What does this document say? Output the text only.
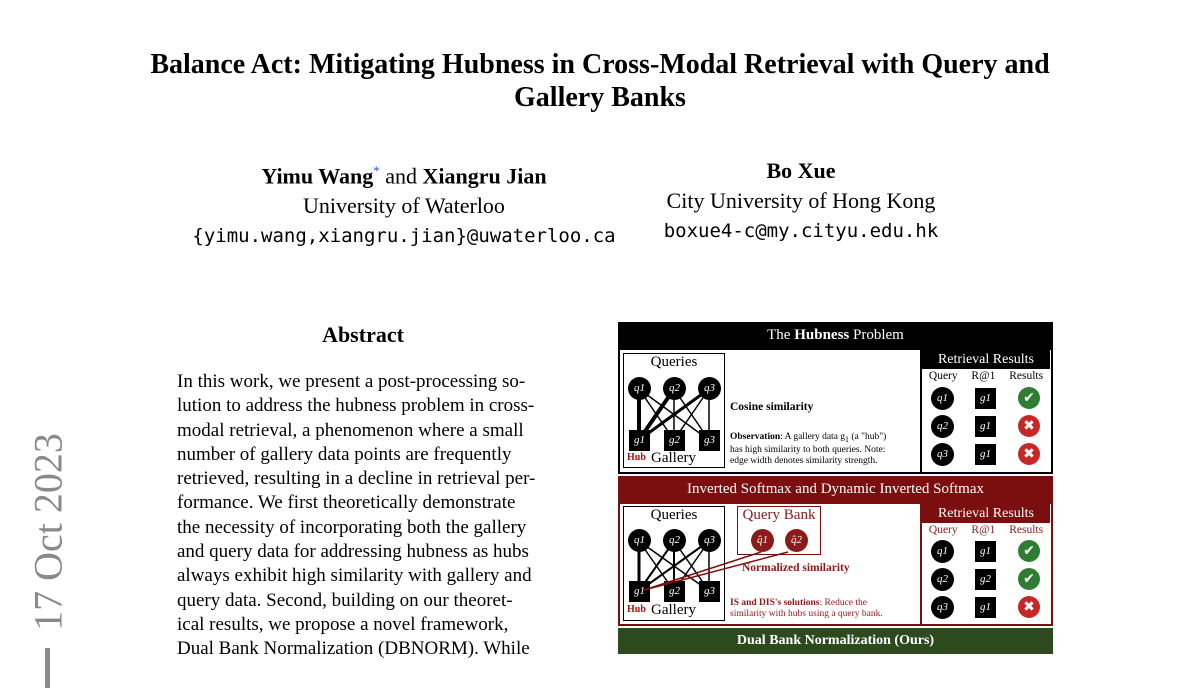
Balance Act: Mitigating Hubness in Cross-Modal Retrieval with Query and
Gallery Banks
Yimu Wang* and Xiangru Jian
University of Waterloo
{yimu.wang,xiangru.jian}@uwaterloo.ca
Bo Xue
City University of Hong Kong
boxue4-c@my.cityu.edu.hk
17 Oct 2023
Abstract
In this work, we present a post-processing so-
lution to address the hubness problem in cross-
modal retrieval, a phenomenon where a small
number of gallery data points are frequently
retrieved, resulting in a decline in retrieval per-
formance. We first theoretically demonstrate
the necessity of incorporating both the gallery
and query data for addressing hubness as hubs
always exhibit high similarity with gallery and
query data. Second, building on our theoret-
ical results, we propose a novel framework,
Dual Bank Normalization (DBNORM). While
The Hubness Problem
Queries
q1	q2	q3
g1	g2	g3
Hub Gallery
Cosine similarity
Observation: A gallery data $g_1$ (a "hub")
has high similarity to both queries. Note:
edge width denotes similarity strength.
Retrieval Results
Query R@1 Results
q1	g1	✔
q2	g1	✖
q3	g1	✖
Inverted Softmax and Dynamic Inverted Softmax
Queries
q1	q2	q3
g1	g2	g3
Hub Gallery
Query Bank
q̂1	q̂2
Normalized similarity
IS and DIS's solutions: Reduce the
similarity with hubs using a query bank.
Retrieval Results
Query R@1 Results
q1	g1	✔
q2	g2	✔
q3	g1	✖
Dual Bank Normalization (Ours)
